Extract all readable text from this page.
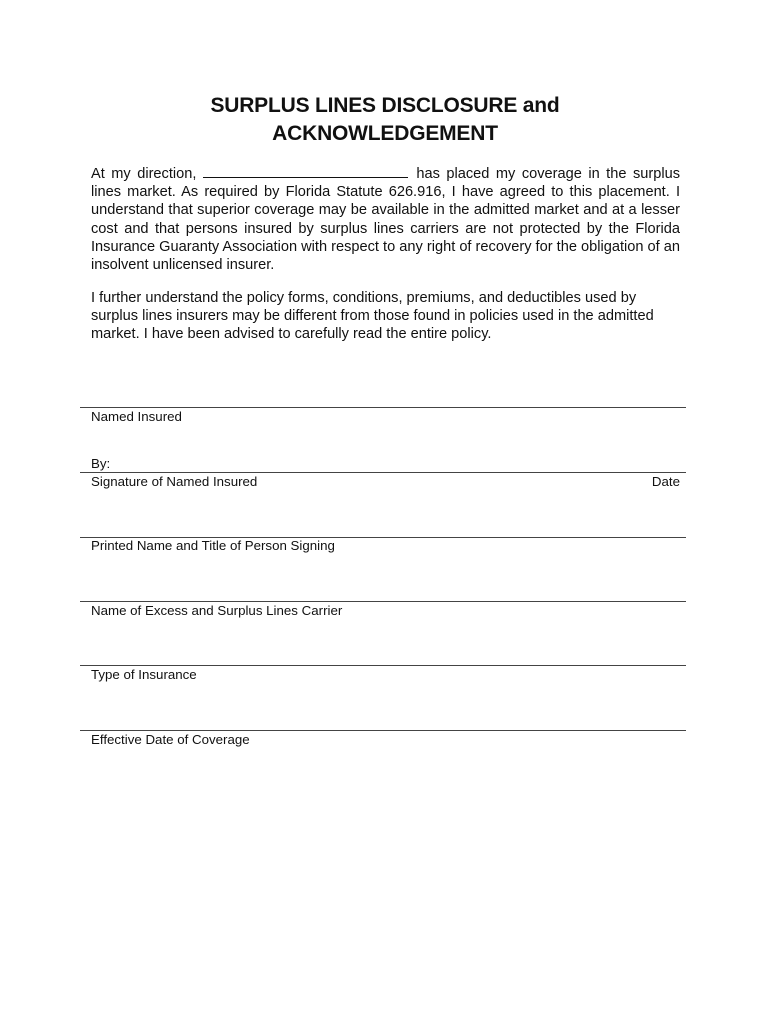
SURPLUS LINES DISCLOSURE and
ACKNOWLEDGEMENT

At my direction,	has placed my coverage in the surplus lines market. As required by Florida Statute 626.916, I have agreed to this placement. I understand that superior coverage may be available in the admitted market and at a lesser cost and that persons insured by surplus lines carriers are not protected by the Florida Insurance Guaranty Association with respect to any right of recovery for the obligation of an insolvent unlicensed insurer.

I further understand the policy forms, conditions, premiums, and deductibles used by surplus lines insurers may be different from those found in policies used in the admitted market. I have been advised to carefully read the entire policy.

Named Insured

By:

Signature of Named Insured	Date

Printed Name and Title of Person Signing

Name of Excess and Surplus Lines Carrier

Type of Insurance

Effective Date of Coverage
